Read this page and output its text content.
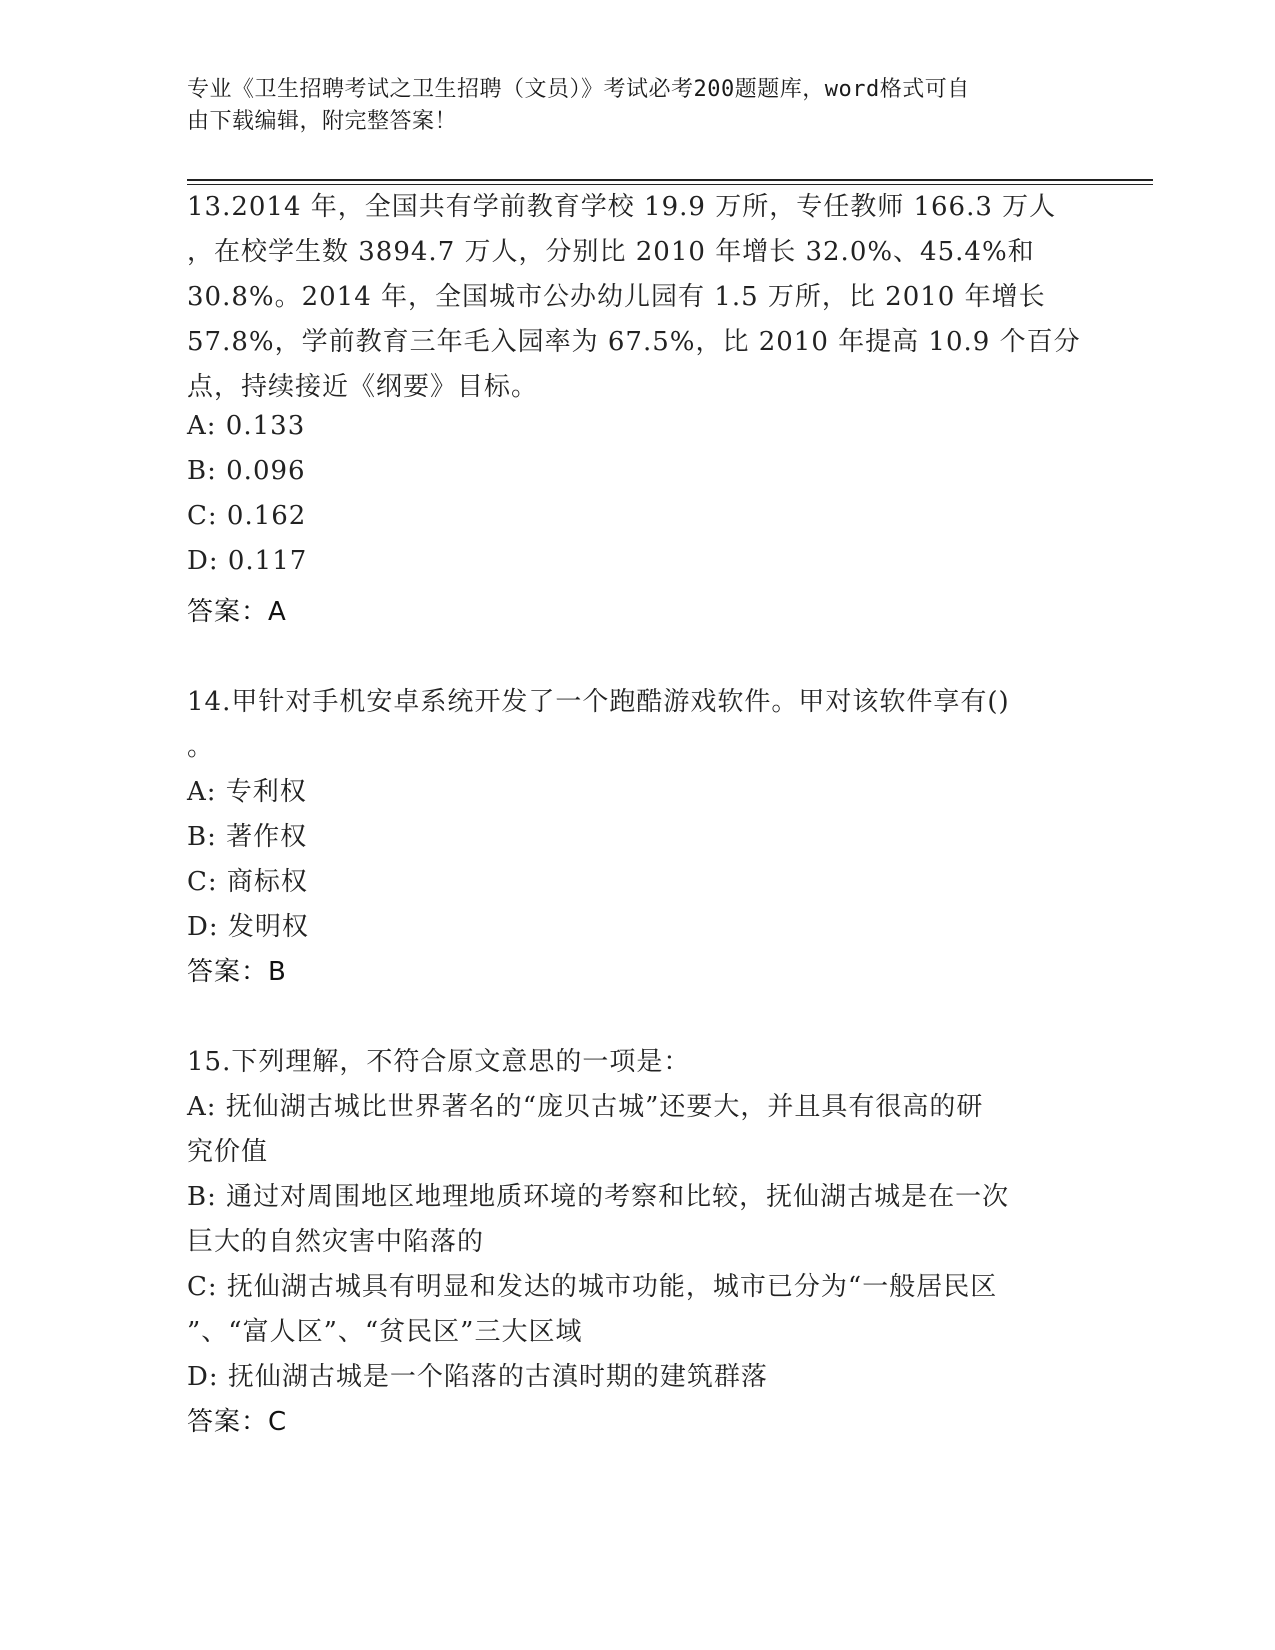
专业《卫生招聘考试之卫生招聘（文员）》考试必考200题题库，word格式可自
由下载编辑，附完整答案！
13.2014 年，全国共有学前教育学校 19.9 万所，专任教师 166.3 万人
，在校学生数 3894.7 万人，分别比 2010 年增长 32.0%、45.4%和
30.8%。2014 年，全国城市公办幼儿园有 1.5 万所，比 2010 年增长
57.8%，学前教育三年毛入园率为 67.5%，比 2010 年提高 10.9 个百分
点，持续接近《纲要》目标。
A: 0.133
B: 0.096
C: 0.162
D: 0.117
答案：A
14.甲针对手机安卓系统开发了一个跑酷游戏软件。甲对该软件享有()
。
A: 专利权
B: 著作权
C: 商标权
D: 发明权
答案：B
15.下列理解，不符合原文意思的一项是：
A: 抚仙湖古城比世界著名的“庞贝古城”还要大，并且具有很高的研
究价值
B: 通过对周围地区地理地质环境的考察和比较，抚仙湖古城是在一次
巨大的自然灾害中陷落的
C: 抚仙湖古城具有明显和发达的城市功能，城市已分为“一般居民区
”、“富人区”、“贫民区”三大区域
D: 抚仙湖古城是一个陷落的古滇时期的建筑群落
答案：C
